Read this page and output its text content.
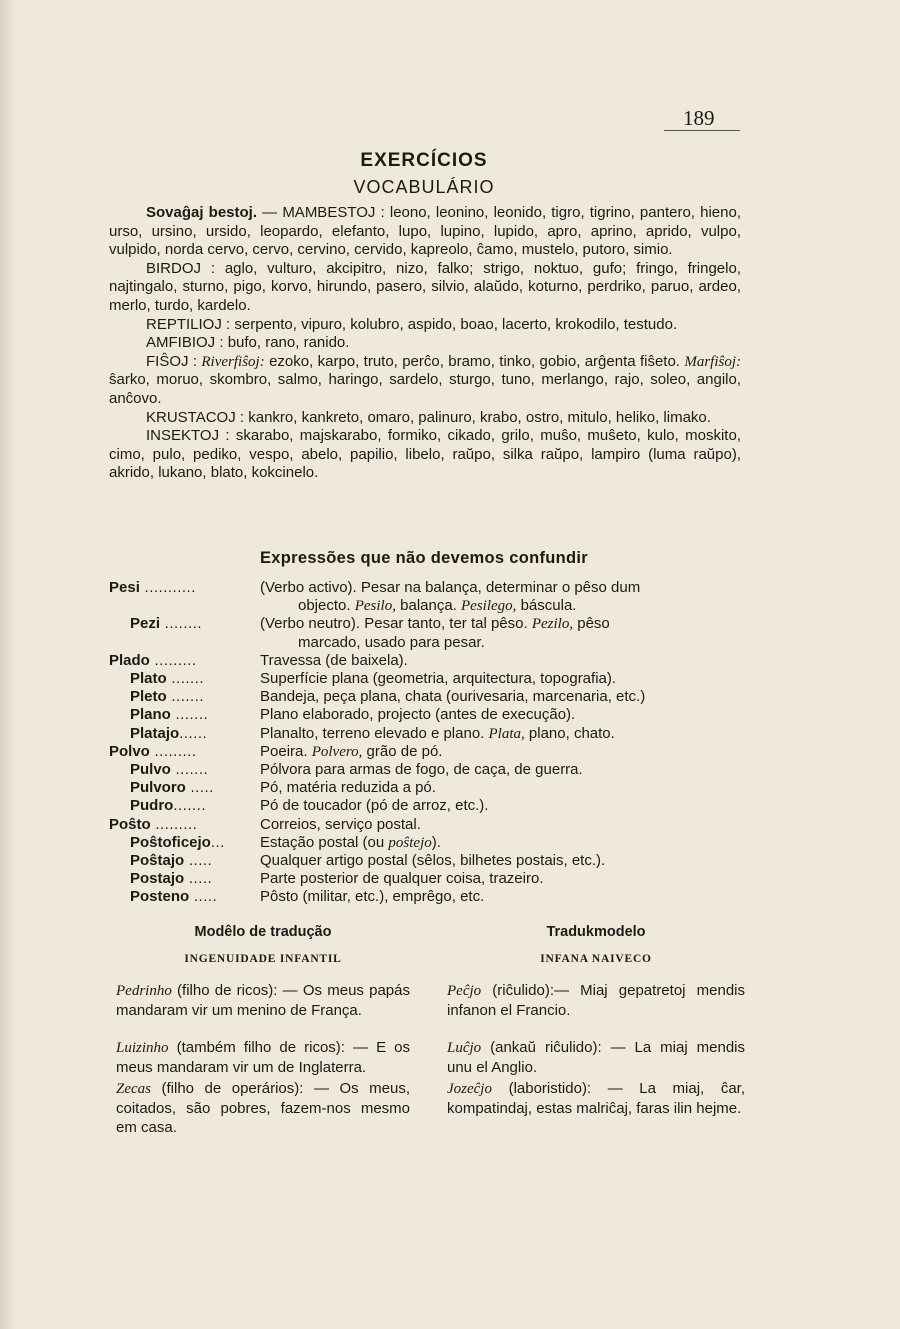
189
EXERCÍCIOS
VOCABULÁRIO

Sovaĝaj bestoj. — MAMBESTOJ : leono, leonino, leonido, tigro, tigrino, pantero, hieno, urso, ursino, ursido, leopardo, elefanto, lupo, lupino, lupido, apro, aprino, aprido, vulpo, vulpido, norda cervo, cervo, cervino, cervido, kapreolo, ĉamo, mustelo, putoro, simio.

BIRDOJ : aglo, vulturo, akcipitro, nizo, falko; strigo, noktuo, gufo; fringo, fringelo, najtingalo, sturno, pigo, korvo, hirundo, pasero, silvio, alaŭdo, koturno, perdriko, paruo, ardeo, merlo, turdo, kardelo.

REPTILIOJ : serpento, vipuro, kolubro, aspido, boao, lacerto, krokodilo, testudo.

AMFIBIOJ : bufo, rano, ranido.

FIŜOJ : Riverfiŝoj: ezoko, karpo, truto, perĉo, bramo, tinko, gobio, arĝenta fiŝeto. Marfiŝoj: ŝarko, moruo, skombro, salmo, haringo, sardelo, sturgo, tuno, merlango, rajo, soleo, angilo, anĉovo.

KRUSTACOJ : kankro, kankreto, omaro, palinuro, krabo, ostro, mitulo, heliko, limako.

INSEKTOJ : skarabo, majskarabo, formiko, cikado, grilo, muŝo, muŝeto, kulo, moskito, cimo, pulo, pediko, vespo, abelo, papilio, libelo, raŭpo, silka raŭpo, lampiro (luma raŭpo), akrido, lukano, blato, kokcinelo.

Expressões que não devemos confundir
Pesi ...........	(Verbo activo). Pesar na balança, determinar o pêso dum
objecto. Pesilo, balança. Pesilego, báscula.
Pezi ........	(Verbo neutro). Pesar tanto, ter tal pêso. Pezilo, pêso
marcado, usado para pesar.
Plado .........	Travessa (de baixela).
Plato .......	Superfície plana (geometria, arquitectura, topografia).
Pleto .......	Bandeja, peça plana, chata (ourivesaria, marcenaria, etc.)
Plano .......	Plano elaborado, projecto (antes de execução).
Platajo......	Planalto, terreno elevado e plano. Plata, plano, chato.
Polvo .........	Poeira. Polvero, grão de pó.
Pulvo .......	Pólvora para armas de fogo, de caça, de guerra.
Pulvoro .....	Pó, matéria reduzida a pó.
Pudro.......	Pó de toucador (pó de arroz, etc.).
Poŝto .........	Correios, serviço postal.
Poŝtoficejo...	Estação postal (ou poŝtejo).
Poŝtajo .....	Qualquer artigo postal (sêlos, bilhetes postais, etc.).
Postajo .....	Parte posterior de qualquer coisa, trazeiro.
Posteno .....	Pôsto (militar, etc.), emprêgo, etc.
Modêlo de tradução
INGENUIDADE INFANTIL

Pedrinho (filho de ricos): — Os meus papás mandaram vir um menino de França.

Luizinho (também filho de ricos): — E os meus mandaram vir um de Inglaterra.

Zecas (filho de operários): — Os meus, coitados, são pobres, fazem-nos mesmo em casa.

Tradukmodelo
INFANA NAIVECO

Peĉjo (riĉulido):— Miaj gepatretoj mendis infanon el Francio.

Luĉjo (ankaŭ riĉulido): — La miaj mendis unu el Anglio.

Jozeĉjo (laboristido): — La miaj, ĉar, kompatindaj, estas malriĉaj, faras ilin hejme.
